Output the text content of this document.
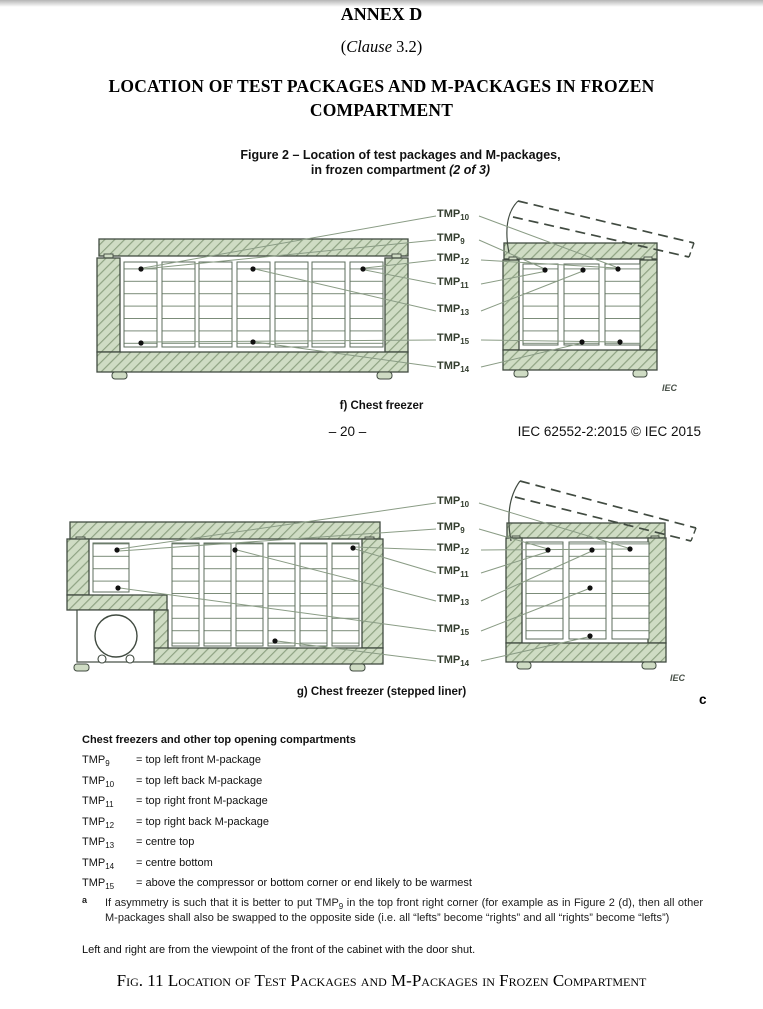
ANNEX D
(Clause 3.2)
LOCATION OF TEST PACKAGES AND M-PACKAGES IN FROZEN
COMPARTMENT
Figure 2 – Location of test packages and M-packages,
in frozen compartment (2 of 3)
$TMP_{10}$
$TMP_9$
$TMP_{12}$
$TMP_{11}$
$TMP_{13}$
$TMP_{15}$
$TMP_{14}$
IEC
f) Chest freezer
– 20 –	IEC 62552-2:2015 © IEC 2015
$TMP_{10}$
$TMP_9$
$TMP_{12}$
$TMP_{11}$
$TMP_{13}$
$TMP_{15}$
$TMP_{14}$
IEC
g) Chest freezer (stepped liner)	c
Chest freezers and other top opening compartments
$TMP_9$ = top left front M-package
$TMP_{10}$ = top left back M-package
$TMP_{11}$ = top right front M-package
$TMP_{12}$ = top right back M-package
$TMP_{13}$ = centre top
$TMP_{14}$ = centre bottom
$TMP_{15}$ = above the compressor or bottom corner or end likely to be warmest
a If asymmetry is such that it is better to put $TMP_9$ in the top front right corner (for example as in Figure 2 (d), then all other M-packages shall also be swapped to the opposite side (i.e. all “lefts” become “rights” and all “rights” become “lefts”)
Left and right are from the viewpoint of the front of the cabinet with the door shut.
Fig. 11 Location of Test Packages and M-Packages in Frozen Compartment
